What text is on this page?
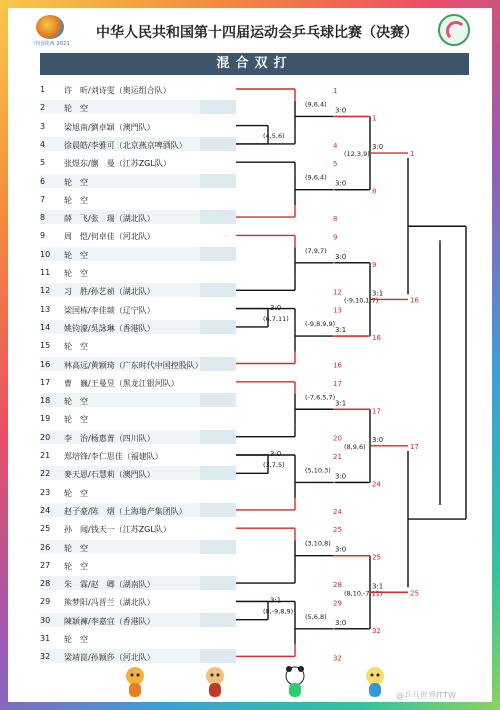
中国陕西 2021
中华人民共和国第十四届运动会乒乓球比赛（决赛）
混合双打
1	许　昕/刘诗雯（奥运组合队）
2	轮　空
3	梁旭南/劉卓穎（澳門队）
4	徐晨皓/李雅可（北京燕京啤酒队）
5	张煜东/蒯　曼（江苏ZGL队）
6	轮　空
7	轮　空
8	薛　飞/张　瑞（湖北队）
9	周　恺/何卓佳（河北队）
10	轮　空
11	轮　空
12	习　胜/孙艺祯（湖北队）
13	梁国栋/李佳燚（辽宁队）
14	姚钧濠/吳詠琳（香港队）
15	轮　空
16	林高远/黄颖琦（广东时代中国控股队）
17	曹　巍/王曼昱（黑龙江银河队）
18	轮　空
19	轮　空
20	李　治/杨惠菁（四川队）
21	郑培锋/李仁思佳（福建队）
22	麥天恩/石慧莉（澳門队）
23	轮　空
24	赵子豪/陈　熠（上海地产集团队）
25	孙　闻/钱天一（江苏ZGL队）
26	轮　空
27	轮　空
28	朱　霖/赵　卿（湖南队）
29	熊梦阳/冯晋兰（湖北队）
30	陳穎褲/李嘉宜（香港队）
31	轮　空
32	梁靖崑/孙颖莎（河北队）
(4,5,6)
(6,7,11)
3:0
(3,7,5)
3:0
(8,-9,8,9)
3:1
(9,6,4)
3:0
1
4
(9,6,4)
3:0
5
8
(7,9,7)
3:0
9
12
(-9,8,9,9)
3:1
13
16
(-7,6,5,7)
3:1
17
20
(5,10,3)
3:0
21
24
(3,10,8)
3:0
25
28
(5,6,8)
3:0
29
32
(12,3,9)
3:0
1
8
1
(-9,10,1,7)
3:1
9
16
16
(8,9,6)
3:0
17
24
17
(8,10,-7,11)
3:1
25
32
25
@乒乓世界ITTW
